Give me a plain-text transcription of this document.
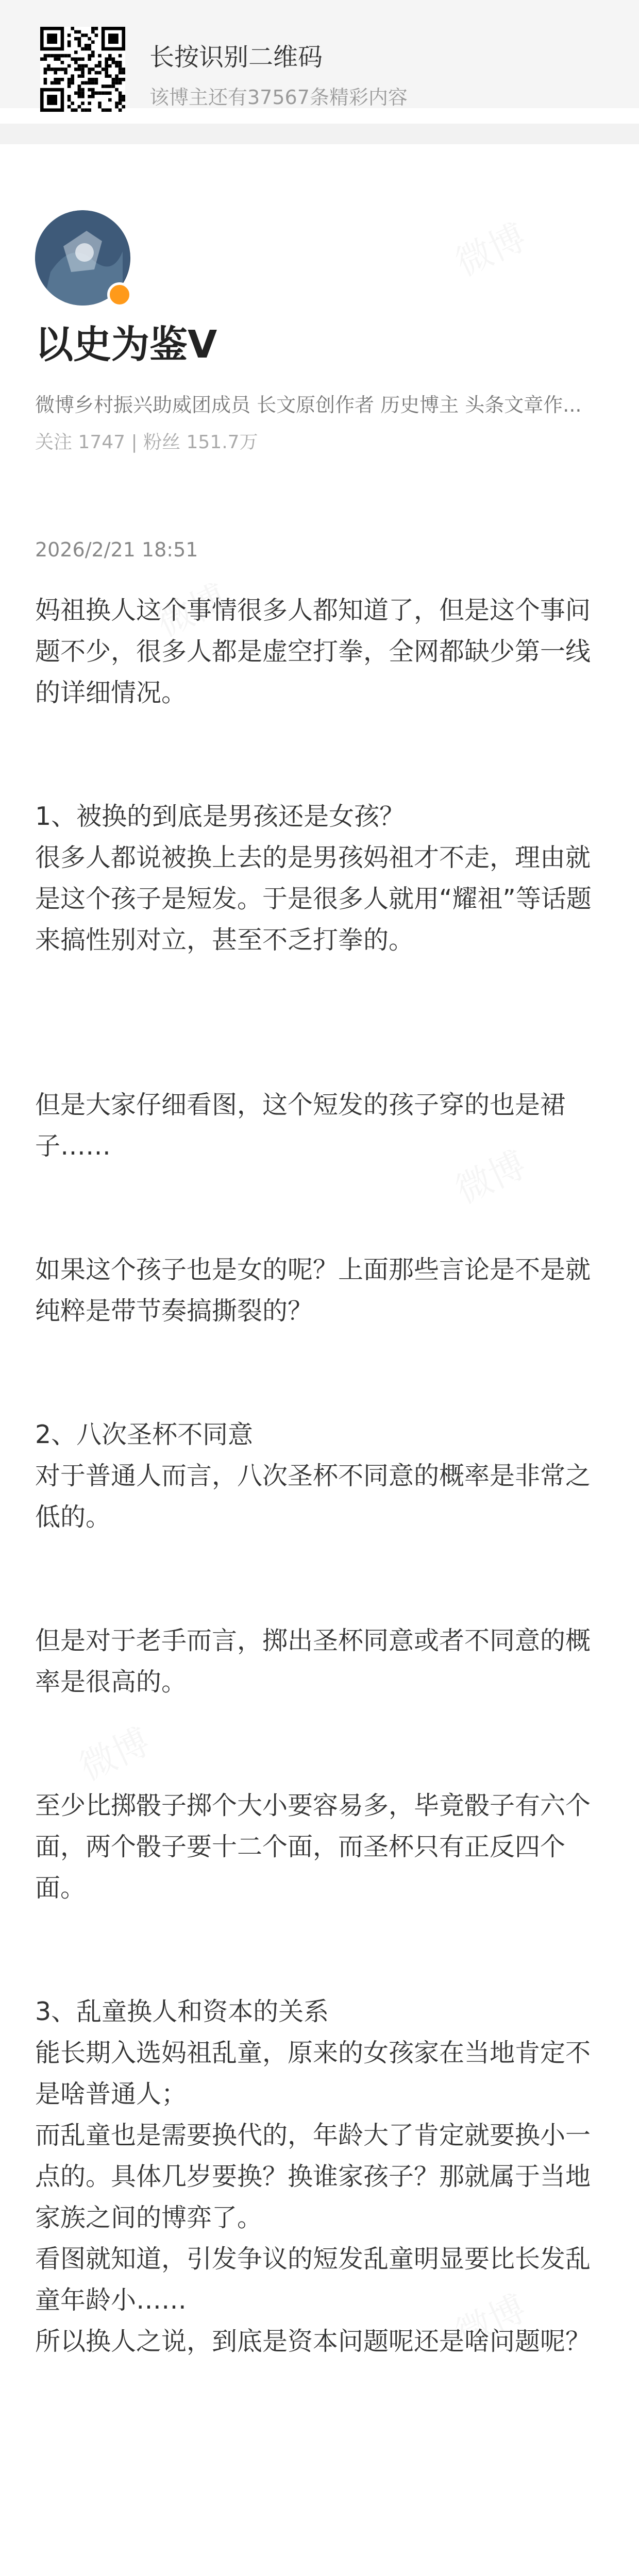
长按识别二维码
该博主还有37567条精彩内容
以史为鉴V
微博乡村振兴助威团成员 长文原创作者 历史博主 头条文章作...
关注 1747 | 粉丝 151.7万
2026/2/21 18:51
妈祖换人这个事情很多人都知道了，但是这个事问题不少，很多人都是虚空打拳，全网都缺少第一线的详细情况。
1、被换的到底是男孩还是女孩？
很多人都说被换上去的是男孩妈祖才不走，理由就是这个孩子是短发。于是很多人就用“耀祖”等话题来搞性别对立，甚至不乏打拳的。
但是大家仔细看图，这个短发的孩子穿的也是裙子……
如果这个孩子也是女的呢？上面那些言论是不是就纯粹是带节奏搞撕裂的？
2、八次圣杯不同意
对于普通人而言，八次圣杯不同意的概率是非常之低的。
但是对于老手而言，掷出圣杯同意或者不同意的概率是很高的。
至少比掷骰子掷个大小要容易多，毕竟骰子有六个面，两个骰子要十二个面，而圣杯只有正反四个面。
3、乱童换人和资本的关系
能长期入选妈祖乱童，原来的女孩家在当地肯定不是啥普通人；
而乱童也是需要换代的，年龄大了肯定就要换小一点的。具体几岁要换？换谁家孩子？那就属于当地家族之间的博弈了。
看图就知道，引发争议的短发乱童明显要比长发乱童年龄小……
所以换人之说，到底是资本问题呢还是啥问题呢？
